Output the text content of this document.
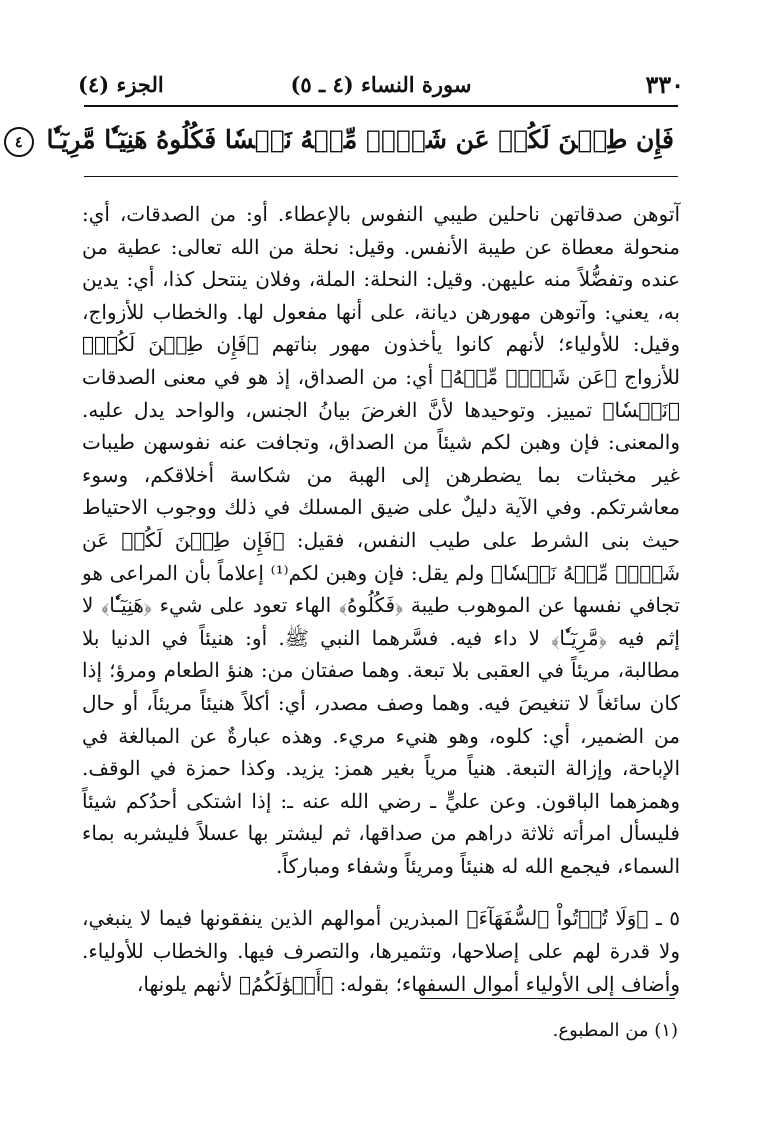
٣٣٠
سورة النساء (٤ ـ ٥)
الجزء (٤)
فَإِن طِبۡنَ لَكُمۡ عَن شَيۡءٖ مِّنۡهُ نَفۡسٗا فَكُلُوهُ هَنِيٓـٔٗا مَّرِيٓـٔٗا ٤

آتوهن صدقاتهن ناحلين طيبي النفوس بالإعطاء. أو: من الصدقات، أي: منحولة معطاة عن طيبة الأنفس. وقيل: نحلة من الله تعالى: عطية من عنده وتفضُّلاً منه عليهن. وقيل: النحلة: الملة، وفلان ينتحل كذا، أي: يدين به، يعني: وآتوهن مهورهن ديانة، على أنها مفعول لها. والخطاب للأزواج، وقيل: للأولياء؛ لأنهم كانوا يأخذون مهور بناتهم ﴿فَإِن طِبۡنَ لَكُمۡ﴾ للأزواج ﴿عَن شَيۡءٖ مِّنۡهُ﴾ أي: من الصداق، إذ هو في معنى الصدقات ﴿نَفۡسٗا﴾ تمييز. وتوحيدها لأنَّ الغرضَ بيانُ الجنس، والواحد يدل عليه. والمعنى: فإن وهبن لكم شيئاً من الصداق، وتجافت عنه نفوسهن طيبات غير مخبثات بما يضطرهن إلى الهبة من شكاسة أخلاقكم، وسوء معاشرتكم. وفي الآية دليلٌ على ضيق المسلك في ذلك ووجوب الاحتياط حيث بنى الشرط على طيب النفس، فقيل: ﴿فَإِن طِبۡنَ لَكُمۡ عَن شَيۡءٖ مِّنۡهُ نَفۡسٗا﴾ ولم يقل: فإن وهبن لكم⁽¹⁾ إعلاماً بأن المراعى هو تجافي نفسها عن الموهوب طيبة ﴿فَكُلُوهُ﴾ الهاء تعود على شيء ﴿هَنِيٓـٔٗا﴾ لا إثم فيه ﴿مَّرِيٓـٔٗا﴾ لا داء فيه. فسَّرهما النبي ﷺ. أو: هنيئاً في الدنيا بلا مطالبة، مريئاً في العقبى بلا تبعة. وهما صفتان من: هنؤ الطعام ومرؤ؛ إذا كان سائغاً لا تنغيصَ فيه. وهما وصف مصدر، أي: أكلاً هنيئاً مريئاً، أو حال من الضمير، أي: كلوه، وهو هنيء مريء. وهذه عبارةٌ عن المبالغة في الإباحة، وإزالة التبعة. هنياً مرياً بغير همز: يزيد. وكذا حمزة في الوقف. وهمزهما الباقون. وعن عليٍّ ـ رضي الله عنه ـ: إذا اشتكى أحدُكم شيئاً فليسأل امرأته ثلاثة دراهم من صداقها، ثم ليشتر بها عسلاً فليشربه بماء السماء، فيجمع الله له هنيئاً ومريئاً وشفاء ومباركاً.

٥ ـ ﴿وَلَا تُؤۡتُواْ ٱلسُّفَهَآءَ﴾ المبذرين أموالهم الذين ينفقونها فيما لا ينبغي، ولا قدرة لهم على إصلاحها، وتثميرها، والتصرف فيها. والخطاب للأولياء. وأضاف إلى الأولياء أموال السفهاء؛ بقوله: ﴿أَمۡوَٰلَكُمُ﴾ لأنهم يلونها،

(١) من المطبوع.
